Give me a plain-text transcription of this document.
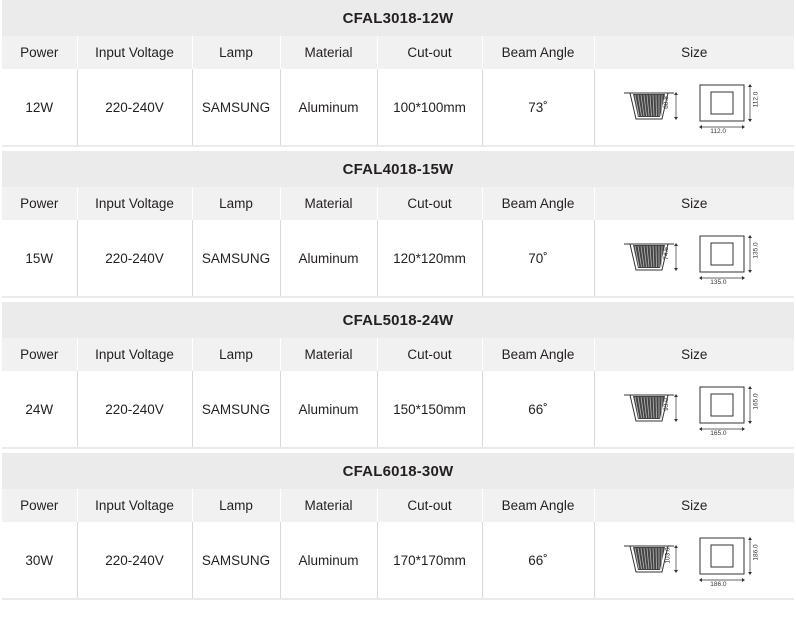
CFAL3018-12W						
Power	Input Voltage	Lamp	Material	Cut-out	Beam Angle	Size
12W	220-240V	SAMSUNG	Aluminum	100*100mm	73˚	60.8 112.0
112.0
CFAL4018-15W						
Power	Input Voltage	Lamp	Material	Cut-out	Beam Angle	Size
15W	220-240V	SAMSUNG	Aluminum	120*120mm	70˚	74.5 135.0
135.0
CFAL5018-24W						
Power	Input Voltage	Lamp	Material	Cut-out	Beam Angle	Size
24W	220-240V	SAMSUNG	Aluminum	150*150mm	66˚	93.0 165.0
165.0
CFAL6018-30W						
Power	Input Voltage	Lamp	Material	Cut-out	Beam Angle	Size
30W	220-240V	SAMSUNG	Aluminum	170*170mm	66˚	103.0 186.0
186.0
